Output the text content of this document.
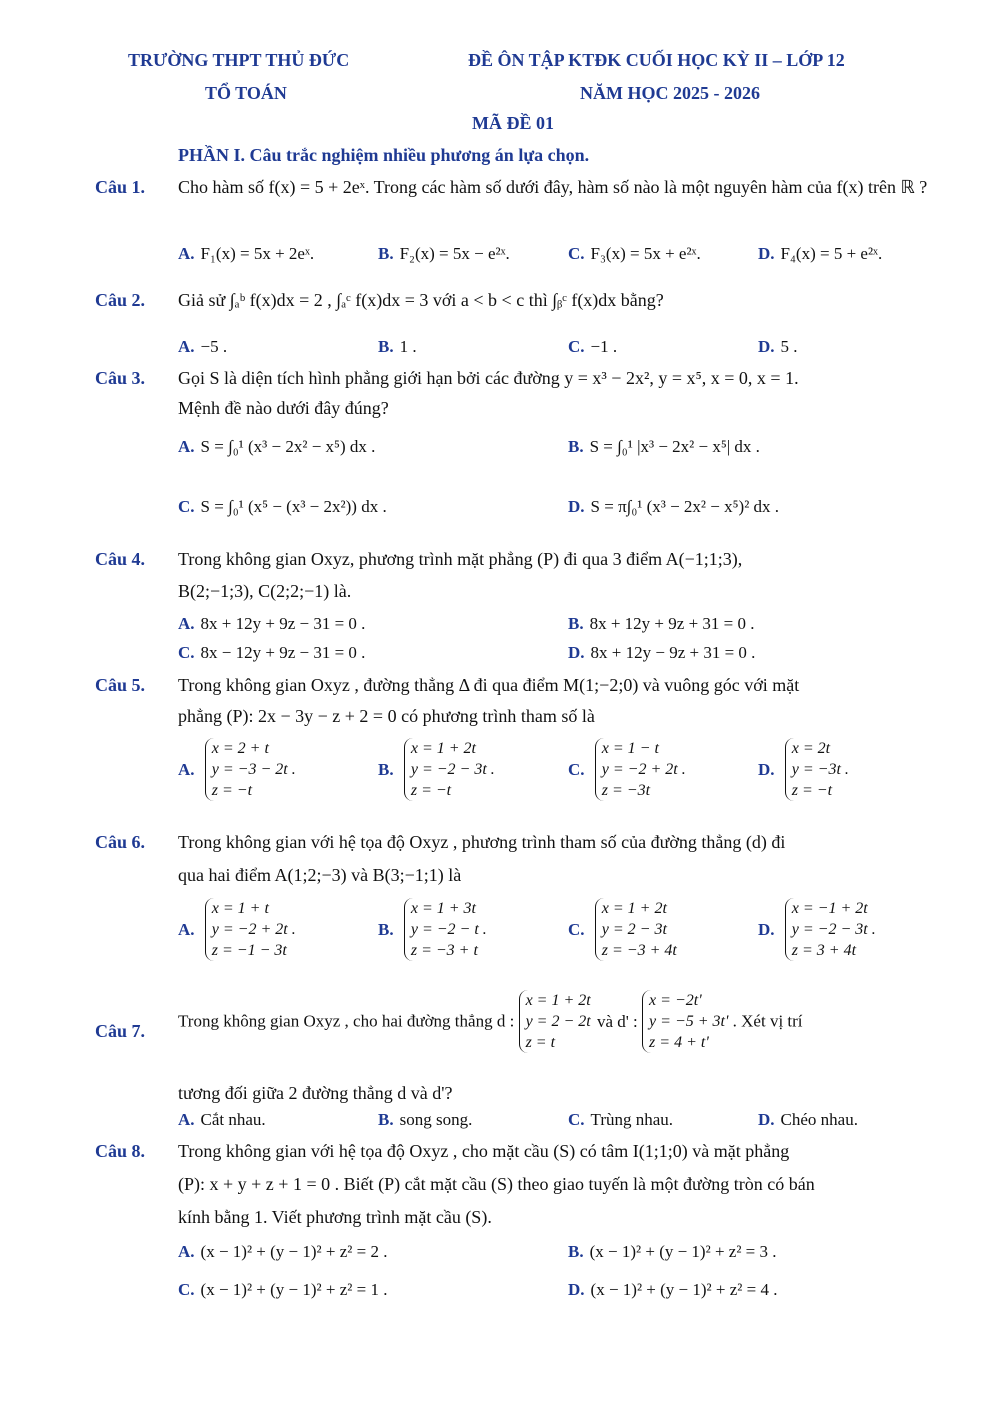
TRƯỜNG THPT THỦ ĐỨC	ĐỀ ÔN TẬP KTĐK CUỐI HỌC KỲ II – LỚP 12
TỔ TOÁN	NĂM HỌC 2025 - 2026
MÃ ĐỀ 01
PHẦN I. Câu trắc nghiệm nhiều phương án lựa chọn.
Câu 1. Cho hàm số f(x) = 5 + 2eˣ. Trong các hàm số dưới đây, hàm số nào là một nguyên hàm của f(x) trên ℝ ?
A. F₁(x) = 5x + 2eˣ.	B. F₂(x) = 5x − e²ˣ.	C. F₃(x) = 5x + e²ˣ.	D. F₄(x) = 5 + e²ˣ.
Câu 2. Giả sử ∫ₐᵇ f(x)dx = 2 , ∫ₐᶜ f(x)dx = 3 với a < b < c thì ∫ᵦᶜ f(x)dx bằng?
A. −5 .	B. 1 .	C. −1 .	D. 5 .
Câu 3. Gọi S là diện tích hình phẳng giới hạn bởi các đường y = x³ − 2x², y = x⁵, x = 0, x = 1.
Mệnh đề nào dưới đây đúng?
A. S = ∫₀¹ (x³ − 2x² − x⁵) dx .	B. S = ∫₀¹ |x³ − 2x² − x⁵| dx .
C. S = ∫₀¹ (x⁵ − (x³ − 2x²)) dx .	D. S = π∫₀¹ (x³ − 2x² − x⁵)² dx .
Câu 4. Trong không gian Oxyz, phương trình mặt phẳng (P) đi qua 3 điểm A(−1;1;3),
B(2;−1;3), C(2;2;−1) là.
A. 8x + 12y + 9z − 31 = 0 .	B. 8x + 12y + 9z + 31 = 0 .
C. 8x − 12y + 9z − 31 = 0 .	D. 8x + 12y − 9z + 31 = 0 .
Câu 5. Trong không gian Oxyz , đường thẳng Δ đi qua điểm M(1;−2;0) và vuông góc với mặt
phẳng (P): 2x − 3y − z + 2 = 0 có phương trình tham số là
A.
x = 2 + t
y = −3 − 2t .
z = −t
B.
x = 1 + 2t
y = −2 − 3t .
z = −t
C.
x = 1 − t
y = −2 + 2t .
z = −3t
D.
x = 2t
y = −3t .
z = −t
Câu 6. Trong không gian với hệ tọa độ Oxyz , phương trình tham số của đường thẳng (d) đi
qua hai điểm A(1;2;−3) và B(3;−1;1) là
A.
x = 1 + t
y = −2 + 2t .
z = −1 − 3t
B.
x = 1 + 3t
y = −2 − t .
z = −3 + t
C.
x = 1 + 2t
y = 2 − 3t
z = −3 + 4t
D.
x = −1 + 2t
y = −2 − 3t .
z = 3 + 4t
Câu 7. Trong không gian Oxyz , cho hai đường thẳng d :
x = 1 + 2t
y = 2 − 2t
z = t
và d' :
x = −2t'
y = −5 + 3t'
z = 4 + t'
. Xét vị trí
tương đối giữa 2 đường thẳng d và d'?
A. Cắt nhau.	B. song song.	C. Trùng nhau.	D. Chéo nhau.
Câu 8. Trong không gian với hệ tọa độ Oxyz , cho mặt cầu (S) có tâm I(1;1;0) và mặt phẳng
(P): x + y + z + 1 = 0 . Biết (P) cắt mặt cầu (S) theo giao tuyến là một đường tròn có bán
kính bằng 1. Viết phương trình mặt cầu (S).
A. (x − 1)² + (y − 1)² + z² = 2 .	B. (x − 1)² + (y − 1)² + z² = 3 .
C. (x − 1)² + (y − 1)² + z² = 1 .	D. (x − 1)² + (y − 1)² + z² = 4 .
